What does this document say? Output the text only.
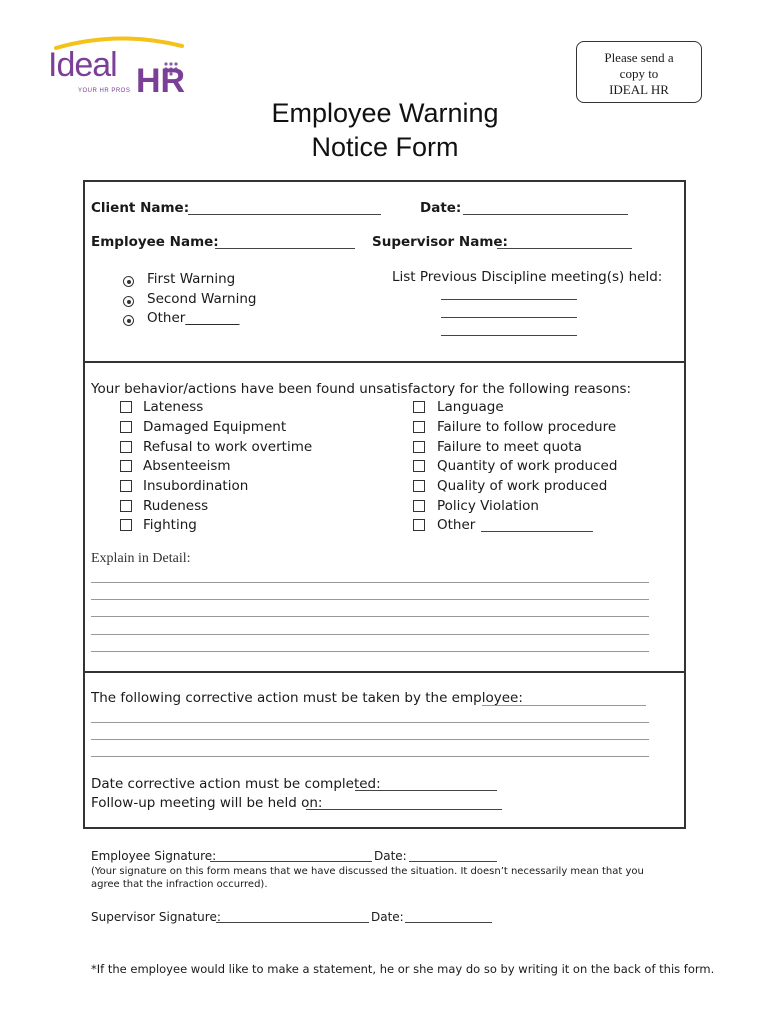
Ideal HR
YOUR HR PROS
Please send a
copy to
IDEAL HR
Employee Warning
Notice Form
Client Name:	Date:
Employee Name:	Supervisor Name:
First Warning
Second Warning
Other________
List Previous Discipline meeting(s) held:
Your behavior/actions have been found unsatisfactory for the following reasons:
Lateness
Damaged Equipment
Refusal to work overtime
Absenteeism
Insubordination
Rudeness
Fighting
Language
Failure to follow procedure
Failure to meet quota
Quantity of work produced
Quality of work produced
Policy Violation
Other
Explain in Detail:
The following corrective action must be taken by the employee:
Date corrective action must be completed:
Follow-up meeting will be held on:
Employee Signature:	Date:
(Your signature on this form means that we have discussed the situation. It doesn’t necessarily mean that you agree that the infraction occurred).
Supervisor Signature:	Date:
*If the employee would like to make a statement, he or she may do so by writing it on the back of this form.
